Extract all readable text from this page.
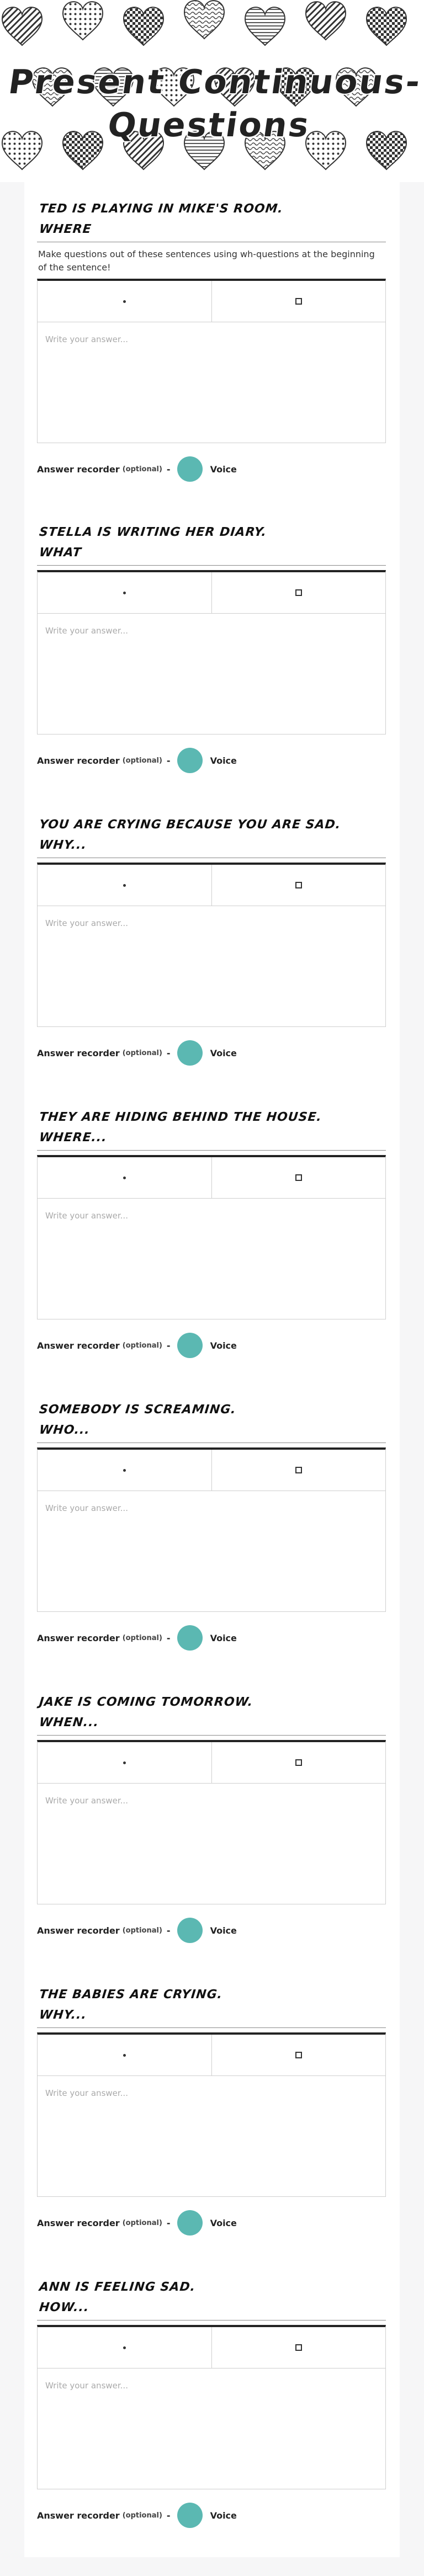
Present Continuous-
Questions
TED IS PLAYING IN MIKE'S ROOM.
WHERE
Make questions out of these sentences using wh-questions at the beginning of the sentence!
Write your answer...
Answer recorder (optional) -	Voice
STELLA IS WRITING HER DIARY.
WHAT
Write your answer...
Answer recorder (optional) -	Voice
YOU ARE CRYING BECAUSE YOU ARE SAD.
WHY...
Write your answer...
Answer recorder (optional) -	Voice
THEY ARE HIDING BEHIND THE HOUSE.
WHERE...
Write your answer...
Answer recorder (optional) -	Voice
SOMEBODY IS SCREAMING.
WHO...
Write your answer...
Answer recorder (optional) -	Voice
JAKE IS COMING TOMORROW.
WHEN...
Write your answer...
Answer recorder (optional) -	Voice
THE BABIES ARE CRYING.
WHY...
Write your answer...
Answer recorder (optional) -	Voice
ANN IS FEELING SAD.
HOW...
Write your answer...
Answer recorder (optional) -	Voice
